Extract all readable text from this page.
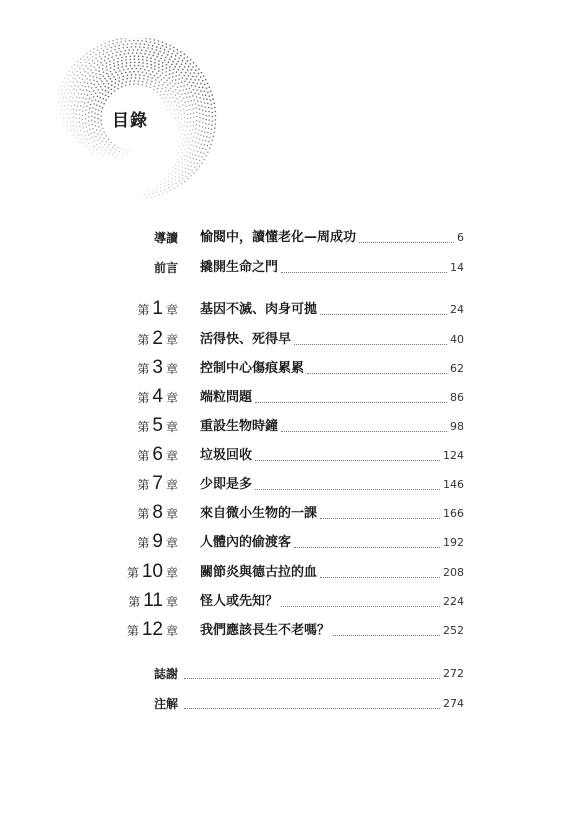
目錄
導讀 愉閱中，讀懂老化—周成功	6
前言 撬開生命之門	14
第 1 章 基因不滅、肉身可拋	24
第 2 章 活得快、死得早	40
第 3 章 控制中心傷痕累累	62
第 4 章 端粒問題	86
第 5 章 重設生物時鐘	98
第 6 章 垃圾回收	124
第 7 章 少即是多	146
第 8 章 來自微小生物的一課	166
第 9 章 人體內的偷渡客	192
第 10 章 關節炎與德古拉的血	208
第 11 章 怪人或先知？	224
第 12 章 我們應該長生不老嗎？	252
誌謝	272
注解	274
